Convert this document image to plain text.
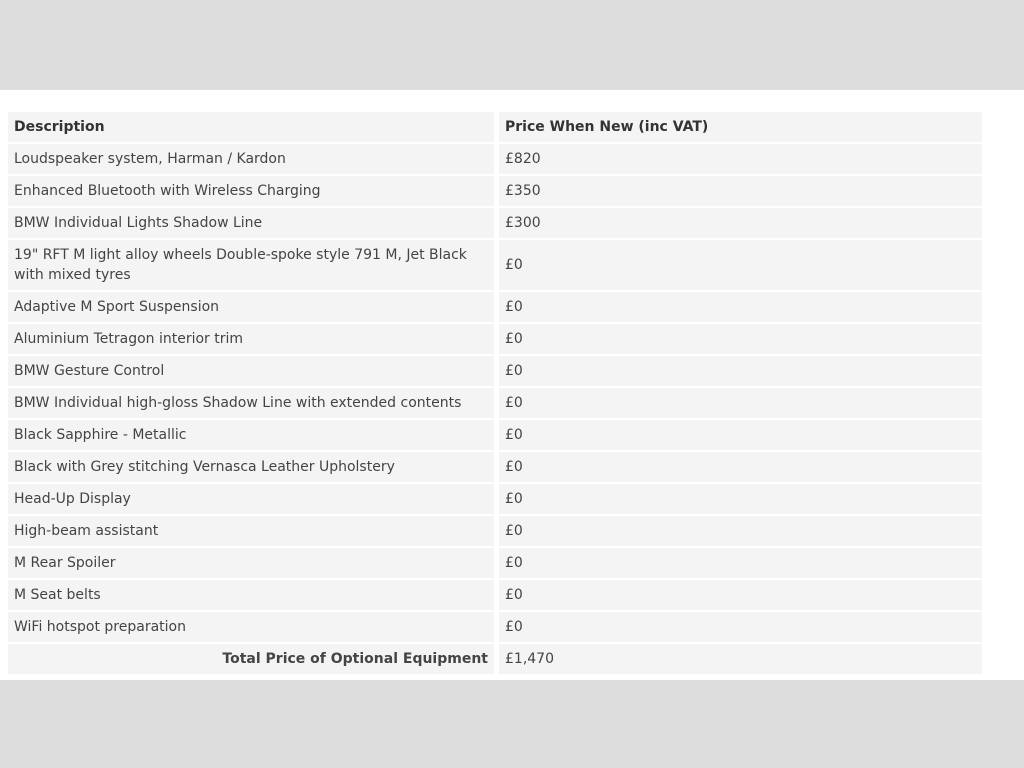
Description	Price When New (inc VAT)
Loudspeaker system, Harman / Kardon	£820
Enhanced Bluetooth with Wireless Charging	£350
BMW Individual Lights Shadow Line	£300
19" RFT M light alloy wheels Double-spoke style 791 M, Jet Black with mixed tyres	£0
Adaptive M Sport Suspension	£0
Aluminium Tetragon interior trim	£0
BMW Gesture Control	£0
BMW Individual high-gloss Shadow Line with extended contents	£0
Black Sapphire - Metallic	£0
Black with Grey stitching Vernasca Leather Upholstery	£0
Head-Up Display	£0
High-beam assistant	£0
M Rear Spoiler	£0
M Seat belts	£0
WiFi hotspot preparation	£0
Total Price of Optional Equipment	£1,470
